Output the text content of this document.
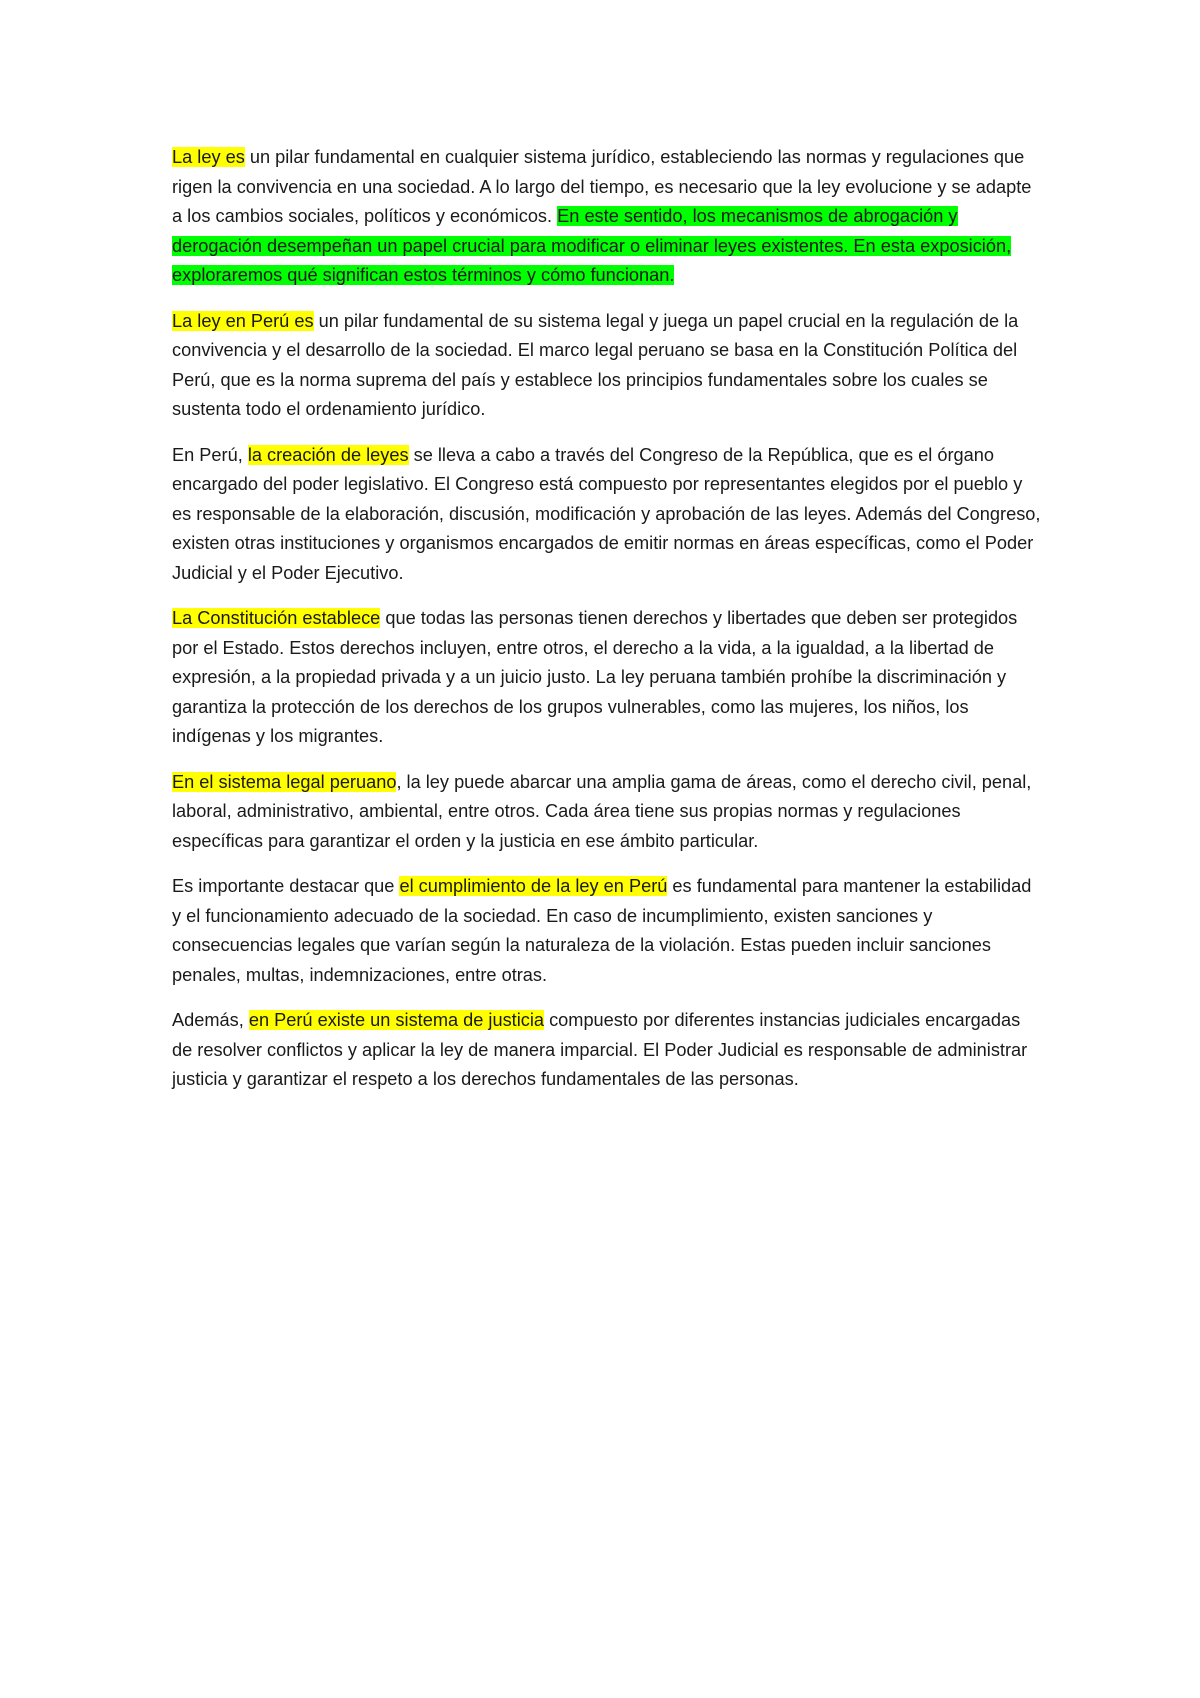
La ley es un pilar fundamental en cualquier sistema jurídico, estableciendo las normas y regulaciones que rigen la convivencia en una sociedad. A lo largo del tiempo, es necesario que la ley evolucione y se adapte a los cambios sociales, políticos y económicos. En este sentido, los mecanismos de abrogación y derogación desempeñan un papel crucial para modificar o eliminar leyes existentes. En esta exposición, exploraremos qué significan estos términos y cómo funcionan.

La ley en Perú es un pilar fundamental de su sistema legal y juega un papel crucial en la regulación de la convivencia y el desarrollo de la sociedad. El marco legal peruano se basa en la Constitución Política del Perú, que es la norma suprema del país y establece los principios fundamentales sobre los cuales se sustenta todo el ordenamiento jurídico.

En Perú, la creación de leyes se lleva a cabo a través del Congreso de la República, que es el órgano encargado del poder legislativo. El Congreso está compuesto por representantes elegidos por el pueblo y es responsable de la elaboración, discusión, modificación y aprobación de las leyes. Además del Congreso, existen otras instituciones y organismos encargados de emitir normas en áreas específicas, como el Poder Judicial y el Poder Ejecutivo.

La Constitución establece que todas las personas tienen derechos y libertades que deben ser protegidos por el Estado. Estos derechos incluyen, entre otros, el derecho a la vida, a la igualdad, a la libertad de expresión, a la propiedad privada y a un juicio justo. La ley peruana también prohíbe la discriminación y garantiza la protección de los derechos de los grupos vulnerables, como las mujeres, los niños, los indígenas y los migrantes.

En el sistema legal peruano, la ley puede abarcar una amplia gama de áreas, como el derecho civil, penal, laboral, administrativo, ambiental, entre otros. Cada área tiene sus propias normas y regulaciones específicas para garantizar el orden y la justicia en ese ámbito particular.

Es importante destacar que el cumplimiento de la ley en Perú es fundamental para mantener la estabilidad y el funcionamiento adecuado de la sociedad. En caso de incumplimiento, existen sanciones y consecuencias legales que varían según la naturaleza de la violación. Estas pueden incluir sanciones penales, multas, indemnizaciones, entre otras.

Además, en Perú existe un sistema de justicia compuesto por diferentes instancias judiciales encargadas de resolver conflictos y aplicar la ley de manera imparcial. El Poder Judicial es responsable de administrar justicia y garantizar el respeto a los derechos fundamentales de las personas.
